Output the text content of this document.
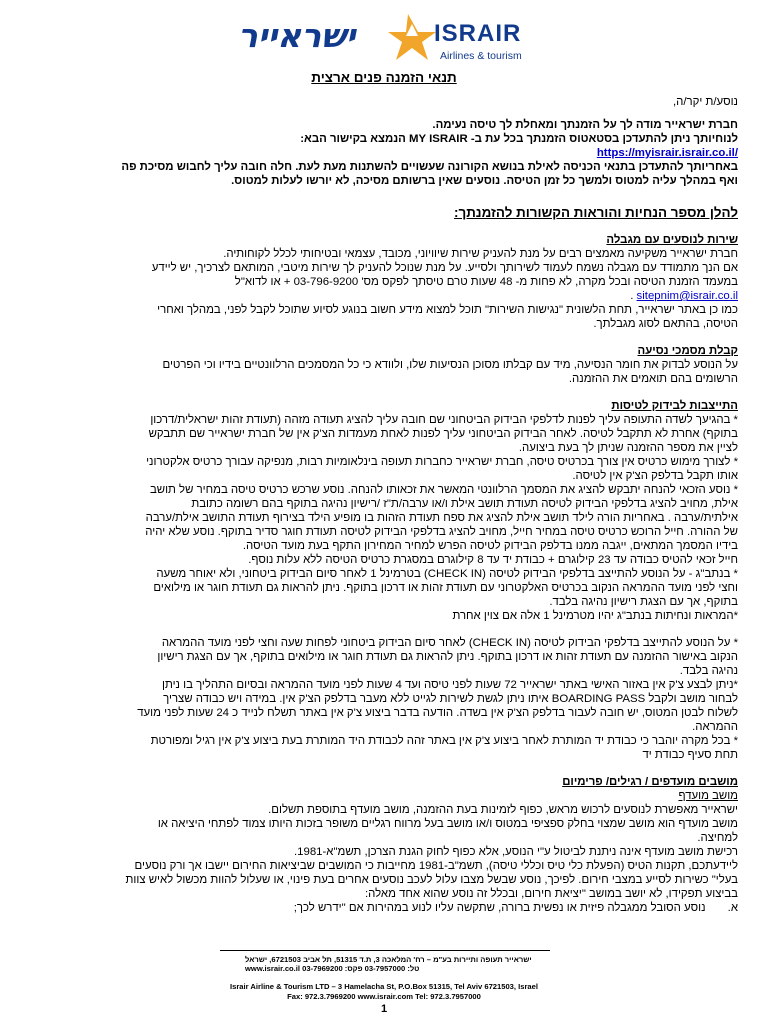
ישראייר	ISRAIR
Airlines & tourism
תנאי הזמנה פנים ארצית

נוסע/ת יקר/ה,

חברת ישראייר מודה לך על הזמנתך ומאחלת לך טיסה נעימה.

לנוחיותך ניתן להתעדכן בסטאטוס הזמנתך בכל עת ב- MY ISRAIR הנמצא בקישור הבא:

https://myisrair.israir.co.il/

באחריותך להתעדכן בתנאי הכניסה לאילת בנושא הקורונה שעשויים להשתנות מעת לעת. חלה חובה עליך לחבוש מסיכת פה

ואף במהלך עליה למטוס ולמשך כל זמן הטיסה. נוסעים שאין ברשותם מסיכה, לא יורשו לעלות למטוס.

להלן מספר הנחיות והוראות הקשורות להזמנתך:

שירות לנוסעים עם מגבלה

חברת ישראייר משקיעה מאמצים רבים על מנת להעניק שירות שיוויוני, מכובד, עצמאי ובטיחותי לכלל לקוחותיה.

אם הנך מתמודד עם מגבלה נשמח לעמוד לשירותך ולסייע. על מנת שנוכל להעניק לך שירות מיטבי, המותאם לצרכיך, יש ליידע

במעמד הזמנת הטיסה ובכל מקרה, לא פחות מ- 48 שעות טרם טיסתך לפקס מס' 03-796-9200 + או לדוא"ל

. sitepnim@israir.co.il

כמו כן באתר ישראייר, תחת הלשונית "נגישות השירות" תוכל למצוא מידע חשוב בנוגע לסיוע שתוכל לקבל לפני, במהלך ואחרי

הטיסה, בהתאם לסוג מגבלתך.

קבלת מסמכי נסיעה

על הנוסע לבדוק את חומר הנסיעה, מיד עם קבלתו מסוכן הנסיעות שלו, ולוודא כי כל המסמכים הרלוונטיים בידיו וכי הפרטים

הרשומים בהם תואמים את ההזמנה.

התייצבות לבידוק לטיסות

* בהגיעך לשדה התעופה עליך לפנות לדלפקי הבידוק הביטחוני שם חובה עליך להציג תעודה מזהה (תעודת זהות ישראלית/דרכון

בתוקף) אחרת לא תתקבל לטיסה. לאחר הבידוק הביטחוני עליך לפנות לאחת מעמדות הצ'ק אין של חברת ישראייר שם תתבקש

לציין את מספר ההזמנה שניתן לך בעת ביצועה.

* לצורך מימוש כרטיס אין צורך בכרטיס טיסה, חברת ישראייר כחברות תעופה בינלאומיות רבות, מנפיקה עבורך כרטיס אלקטרוני

אותו תקבל בדלפק הצ'ק אין לטיסה.

* נוסע הזכאי להנחה יתבקש להציג את המסמך הרלוונטי המאשר את זכאותו להנחה. נוסע שרכש כרטיס טיסה במחיר של תושב

אילת, מחויב להציג בדלפקי הבידוק לטיסה תעודת תושב אילת ו/או ערבה/ת"ז /רישיון נהיגה בתוקף בהם רשומה כתובת

אילתית/ערבה . באחריות הורה לילד תושב אילת להציג את ספח תעודת הזהות בו מופיע הילד בצירוף תעודת התושב אילת/ערבה

של ההורה. חייל הרוכש כרטיס טיסה במחיר חייל, מחויב להציג בדלפקי הבידוק לטיסה תעודת חוגר סדיר בתוקף. נוסע שלא יהיה

בידיו המסמך המתאים, ייגבה ממנו בדלפק הבידוק לטיסה הפרש למחיר המחירון התקף בעת מועד הטיסה.

חייל זכאי להטיס כבודה עד 23 קילוגרם + כבודת יד עד 8 קילוגרם במסגרת כרטיס הטיסה ללא עלות נוסף.

* בנתב"ג - על הנוסע להתייצב בדלפקי הבידוק לטיסה (CHECK IN) בטרמינל 1 לאחר סיום הבידוק ביטחוני, ולא יאוחר משעה

וחצי לפני מועד ההמראה הנקוב בכרטיס האלקטרוני עם תעודת זהות או דרכון בתוקף. ניתן להראות גם תעודת חוגר או מילואים

בתוקף, אך עם הצגת רישיון נהיגה בלבד.

*המראות ונחיתות בנתב"ג יהיו מטרמינל 1 אלה אם צוין אחרת

* על הנוסע להתייצב בדלפקי הבידוק לטיסה (CHECK IN) לאחר סיום הבידוק ביטחוני לפחות שעה וחצי לפני מועד ההמראה

הנקוב באישור ההזמנה עם תעודת זהות או דרכון בתוקף. ניתן להראות גם תעודת חוגר או מילואים בתוקף, אך עם הצגת רישיון

נהיגה בלבד.

*ניתן לבצע צ'ק אין באזור האישי באתר ישראייר 72 שעות לפני טיסה ועד 4 שעות לפני מועד ההמראה ובסיום התהליך בו ניתן

לבחור מושב ולקבל BOARDING PASS איתו ניתן לגשת לשירות לגייט ללא מעבר בדלפק הצ'ק אין. במידה ויש כבודה שצריך

לשלוח לבטן המטוס, יש חובה לעבור בדלפק הצ'ק אין בשדה. הודעה בדבר ביצוע צ'ק אין באתר תשלח לנייד כ 24 שעות לפני מועד

ההמראה.

* בכל מקרה יוהבר כי כבודת יד המותרת לאחר ביצוע צ'ק אין באתר זהה לכבודת היד המותרת בעת ביצוע צ'ק אין רגיל ומפורטת

תחת סעיף כבודת יד

מושבים מועדפים / רגילים/ פרימיום

מושב מועדף

ישראייר מאפשרת לנוסעים לרכוש מראש, כפוף לזמינות בעת ההזמנה, מושב מועדף בתוספת תשלום.

מושב מועדף הוא מושב שמצוי בחלק ספציפי במטוס ו/או מושב בעל מרווח רגליים משופר בזכות היותו צמוד לפתחי היציאה או

למחיצה.

רכישת מושב מועדף אינה ניתנת לביטול ע"י הנוסע, אלא כפוף לחוק הגנת הצרכן, תשמ"א-1981.

ליידעתכם, תקנות הטיס (הפעלת כלי טיס וכללי טיסה), תשמ"ב-1981 מחייבות כי המושבים שביציאות החירום יישבו אך ורק נוסעים

בעלי" כשירות לסייע במצבי חירום. לפיכך, נוסע שבשל מצבו עלול לעכב נוסעים אחרים בעת פינוי, או שעלול להוות מכשול לאיש צוות

בביצוע תפקידו, לא יושב במושב "יציאת חירום, ובכלל זה נוסע שהוא אחד מאלה:

א.       נוסע הסובל ממגבלה פיזית או נפשית ברורה, שתקשה עליו לנוע במהירות אם "ידרש לכך;

ישראייר תעופה ותיירות בע"מ – רח' המלאכה 3, ת.ד 51315, תל אביב 6721503, ישראל
טל: 03-7957000 פקס: 03-7969200 www.israir.co.il
Israir Airline & Tourism LTD – 3 Hamelacha St, P.O.Box 51315, Tel Aviv 6721503, Israel
Fax: 972.3.7969200 www.israir.com Tel: 972.3.7957000
1
